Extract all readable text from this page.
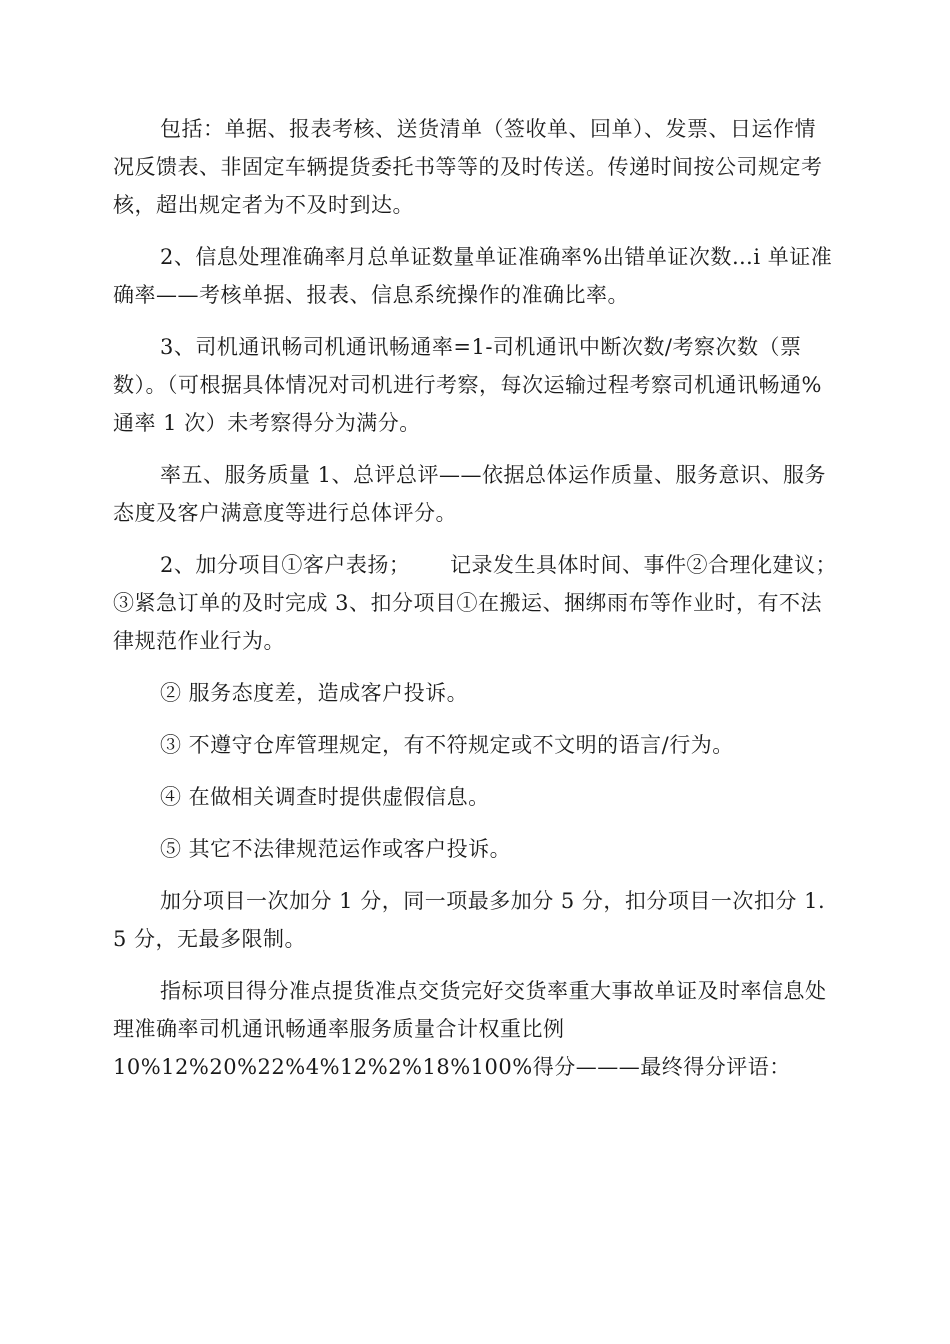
包括：单据、报表考核、送货清单（签收单、回单）、发票、日运作情况反馈表、非固定车辆提货委托书等等的及时传送。传递时间按公司规定考核，超出规定者为不及时到达。

2、信息处理准确率月总单证数量单证准确率%出错单证次数…i 单证准确率——考核单据、报表、信息系统操作的准确比率。

3、司机通讯畅司机通讯畅通率=1-司机通讯中断次数/考察次数（票数）。（可根据具体情况对司机进行考察，每次运输过程考察司机通讯畅通%通率 1 次）未考察得分为满分。

率五、服务质量 1、总评总评——依据总体运作质量、服务意识、服务态度及客户满意度等进行总体评分。

2、加分项目①客户表扬；　　 记录发生具体时间、事件②合理化建议；　　 ③紧急订单的及时完成 3、扣分项目①在搬运、捆绑雨布等作业时，有不法律规范作业行为。

② 服务态度差，造成客户投诉。

③ 不遵守仓库管理规定，有不符规定或不文明的语言/行为。

④ 在做相关调查时提供虚假信息。

⑤ 其它不法律规范运作或客户投诉。

加分项目一次加分 1 分，同一项最多加分 5 分，扣分项目一次扣分 1.5 分，无最多限制。

指标项目得分准点提货准点交货完好交货率重大事故单证及时率信息处理准确率司机通讯畅通率服务质量合计权重比例

10%12%20%22%4%12%2%18%100%得分———最终得分评语：
